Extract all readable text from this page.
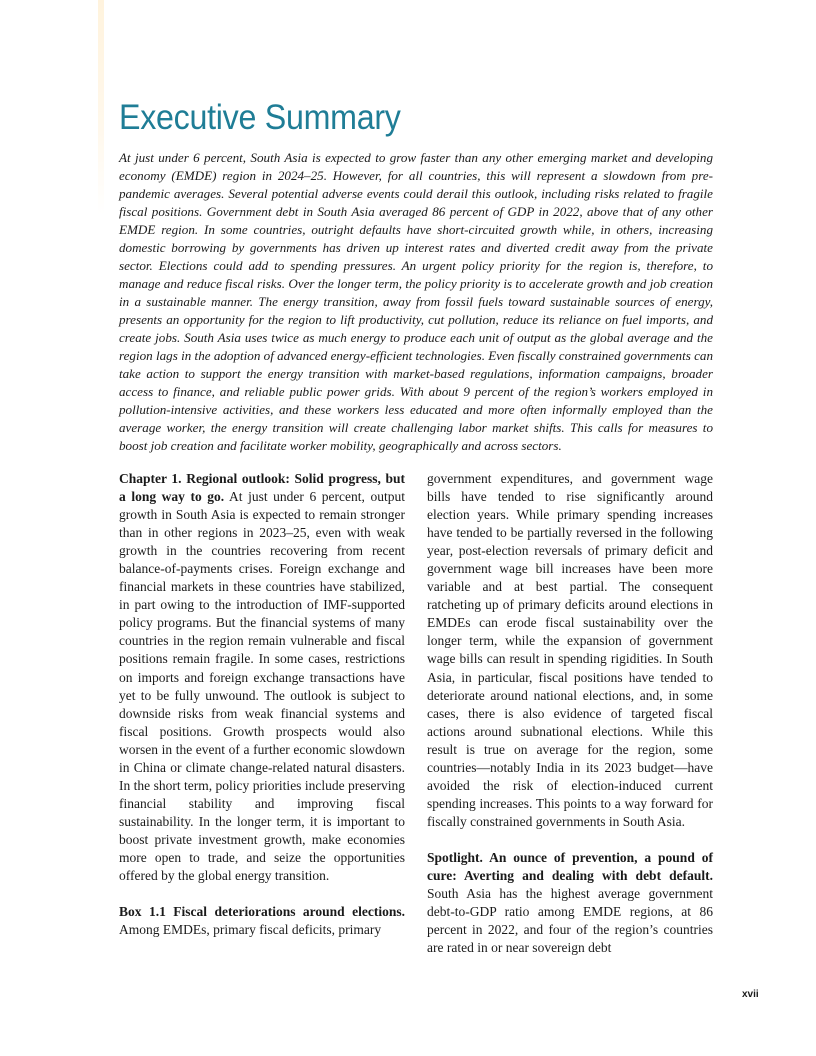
Executive Summary

At just under 6 percent, South Asia is expected to grow faster than any other emerging market and developing economy (EMDE) region in 2024–25. However, for all countries, this will represent a slowdown from pre-pandemic averages. Several potential adverse events could derail this outlook, including risks related to fragile fiscal positions. Government debt in South Asia averaged 86 percent of GDP in 2022, above that of any other EMDE region. In some countries, outright defaults have short-circuited growth while, in others, increasing domestic borrowing by governments has driven up interest rates and diverted credit away from the private sector. Elections could add to spending pressures. An urgent policy priority for the region is, therefore, to manage and reduce fiscal risks. Over the longer term, the policy priority is to accelerate growth and job creation in a sustainable manner. The energy transition, away from fossil fuels toward sustainable sources of energy, presents an opportunity for the region to lift productivity, cut pollution, reduce its reliance on fuel imports, and create jobs. South Asia uses twice as much energy to produce each unit of output as the global average and the region lags in the adoption of advanced energy-efficient technologies. Even fiscally constrained governments can take action to support the energy transition with market-based regulations, information campaigns, broader access to finance, and reliable public power grids. With about 9 percent of the region’s workers employed in pollution-intensive activities, and these workers less educated and more often informally employed than the average worker, the energy transition will create challenging labor market shifts. This calls for measures to boost job creation and facilitate worker mobility, geographically and across sectors.

Chapter 1. Regional outlook: Solid progress, but a long way to go. At just under 6 percent, output growth in South Asia is expected to remain stronger than in other regions in 2023–25, even with weak growth in the countries recovering from recent balance-of-payments crises. Foreign exchange and financial markets in these countries have stabilized, in part owing to the introduction of IMF-supported policy programs. But the financial systems of many countries in the region remain vulnerable and fiscal positions remain fragile. In some cases, restrictions on imports and foreign exchange transactions have yet to be fully unwound. The outlook is subject to downside risks from weak financial systems and fiscal positions. Growth prospects would also worsen in the event of a further economic slowdown in China or climate change-related natural disasters. In the short term, policy priorities include preserving financial stability and improving fiscal sustainability. In the longer term, it is important to boost private investment growth, make economies more open to trade, and seize the opportunities offered by the global energy transition.

Box 1.1 Fiscal deteriorations around elections. Among EMDEs, primary fiscal deficits, primary

government expenditures, and government wage bills have tended to rise significantly around election years. While primary spending increases have tended to be partially reversed in the following year, post-election reversals of primary deficit and government wage bill increases have been more variable and at best partial. The consequent ratcheting up of primary deficits around elections in EMDEs can erode fiscal sustainability over the longer term, while the expansion of government wage bills can result in spending rigidities. In South Asia, in particular, fiscal positions have tended to deteriorate around national elections, and, in some cases, there is also evidence of targeted fiscal actions around subnational elections. While this result is true on average for the region, some countries—notably India in its 2023 budget—have avoided the risk of election-induced current spending increases. This points to a way forward for fiscally constrained governments in South Asia.

Spotlight. An ounce of prevention, a pound of cure: Averting and dealing with debt default. South Asia has the highest average government debt-to-GDP ratio among EMDE regions, at 86 percent in 2022, and four of the region’s countries are rated in or near sovereign debt

xvii
